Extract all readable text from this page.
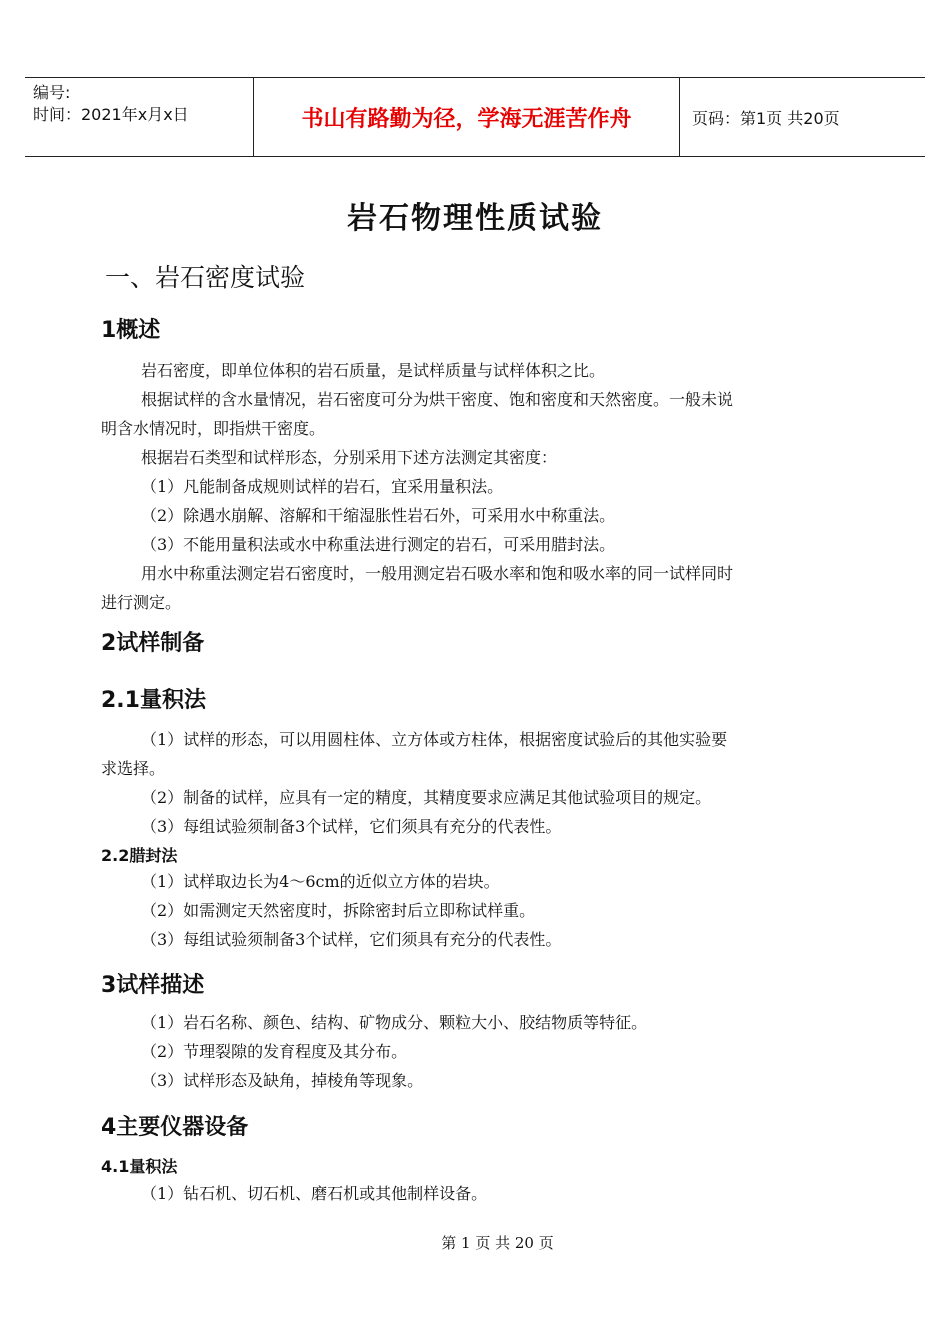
编号:
时间：2021年x月x日	书山有路勤为径，学海无涯苦作舟	页码：第1页 共20页
岩石物理性质试验
一、岩石密度试验
1概述
岩石密度，即单位体积的岩石质量，是试样质量与试样体积之比。
根据试样的含水量情况，岩石密度可分为烘干密度、饱和密度和天然密度。一般未说
明含水情况时，即指烘干密度。
根据岩石类型和试样形态，分别采用下述方法测定其密度：
（1）凡能制备成规则试样的岩石，宜采用量积法。
（2）除遇水崩解、溶解和干缩湿胀性岩石外，可采用水中称重法。
（3）不能用量积法或水中称重法进行测定的岩石，可采用腊封法。
用水中称重法测定岩石密度时，一般用测定岩石吸水率和饱和吸水率的同一试样同时
进行测定。
2试样制备
2.1量积法
（1）试样的形态，可以用圆柱体、立方体或方柱体，根据密度试验后的其他实验要
求选择。
（2）制备的试样，应具有一定的精度，其精度要求应满足其他试验项目的规定。
（3）每组试验须制备3个试样，它们须具有充分的代表性。
2.2腊封法
（1）试样取边长为4～6cm的近似立方体的岩块。
（2）如需测定天然密度时，拆除密封后立即称试样重。
（3）每组试验须制备3个试样，它们须具有充分的代表性。
3试样描述
（1）岩石名称、颜色、结构、矿物成分、颗粒大小、胶结物质等特征。
（2）节理裂隙的发育程度及其分布。
（3）试样形态及缺角，掉棱角等现象。
4主要仪器设备
4.1量积法
（1）钻石机、切石机、磨石机或其他制样设备。
第 1 页 共 20 页
